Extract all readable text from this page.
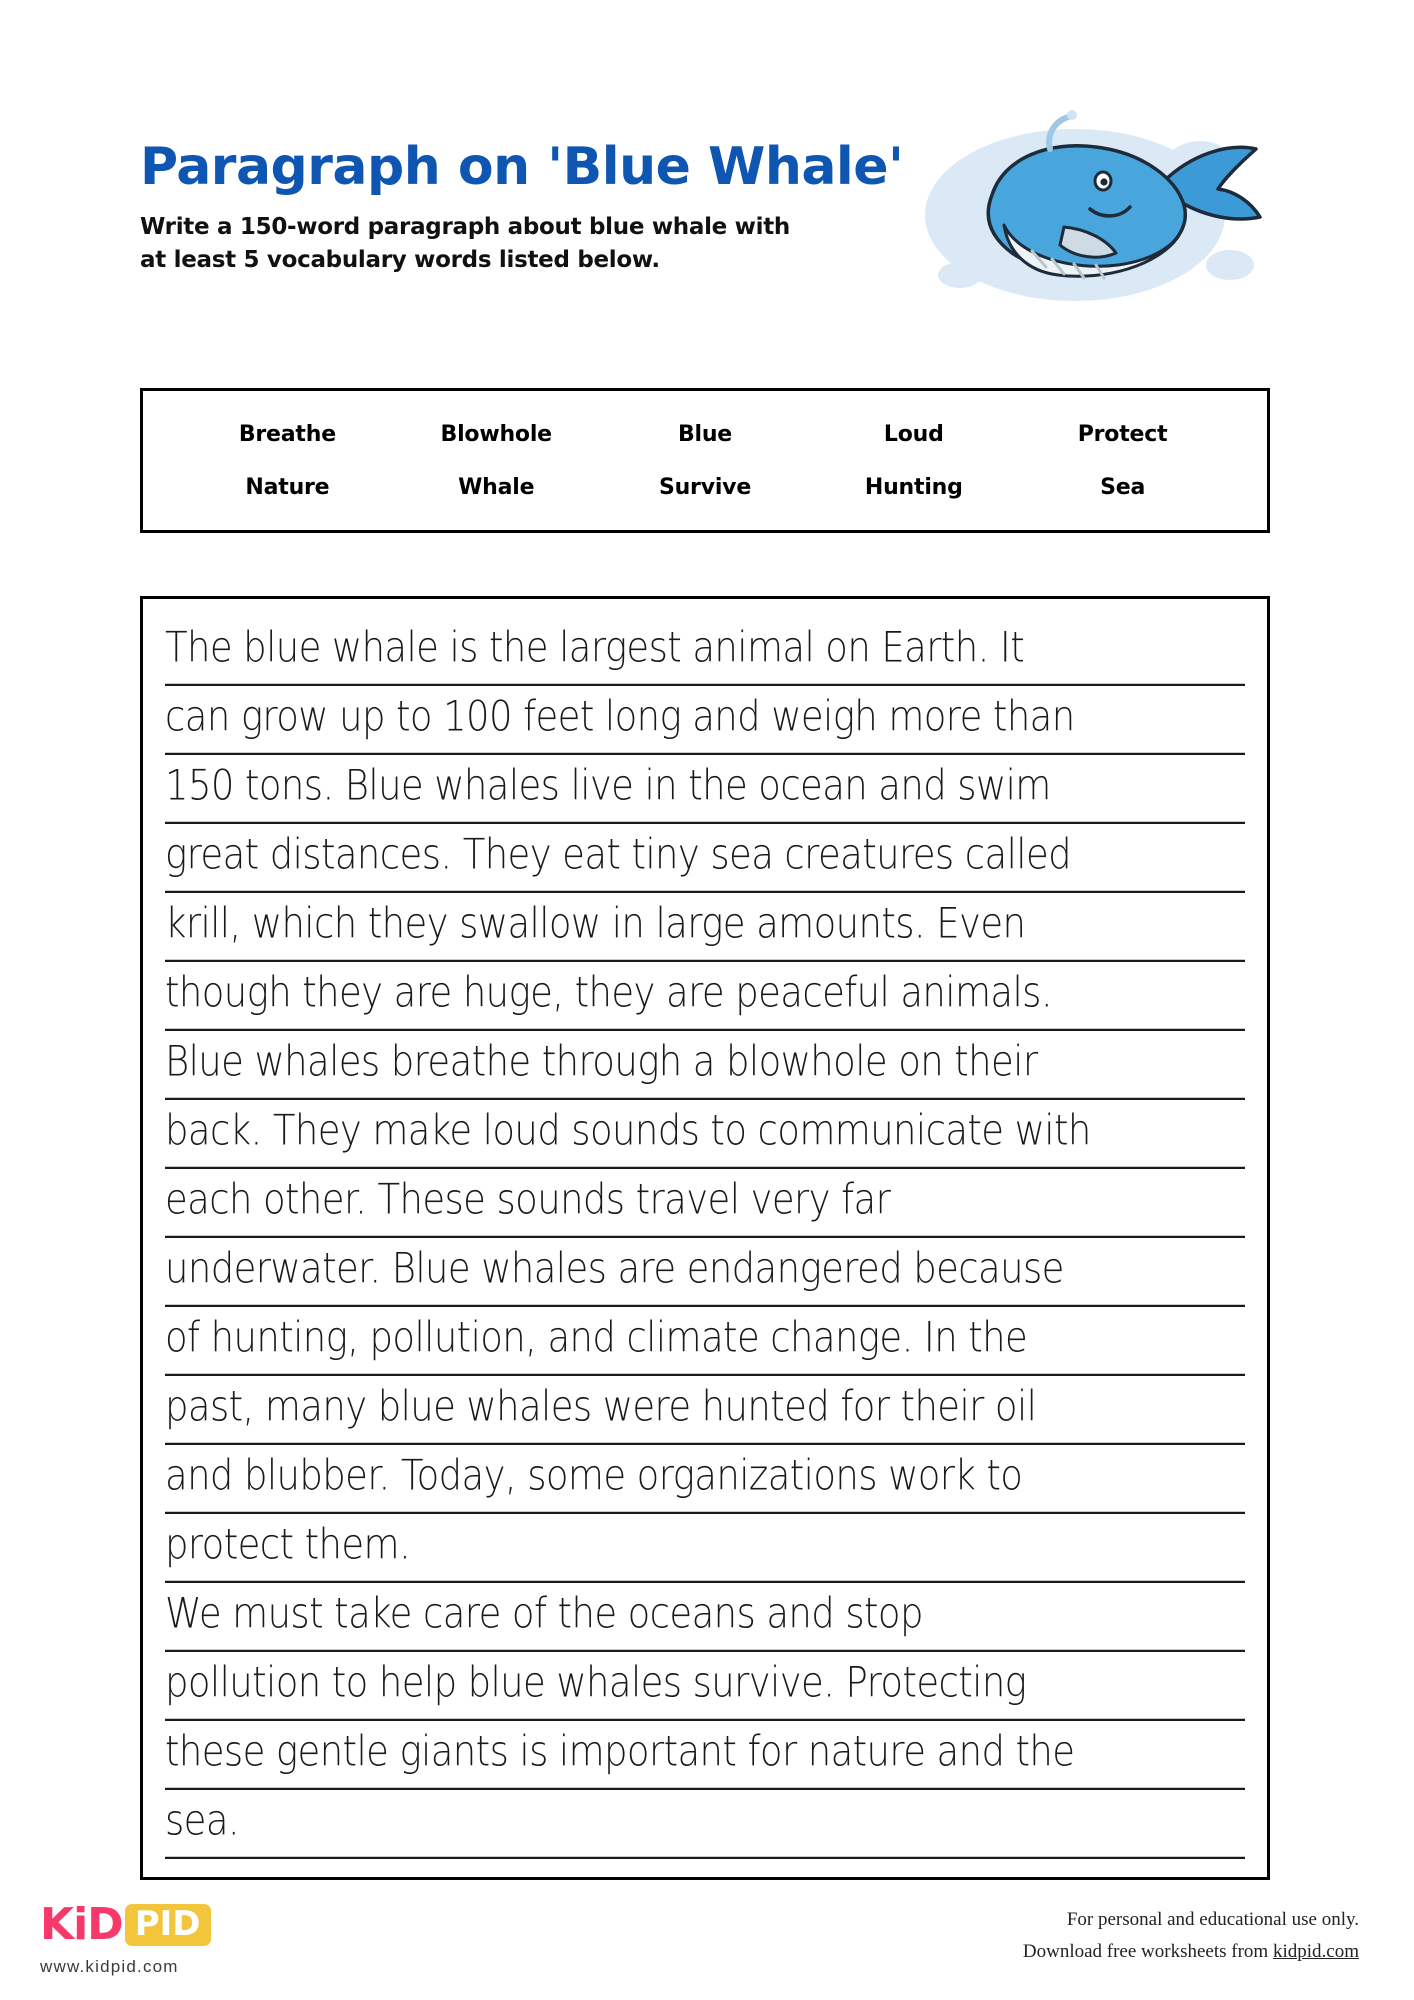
Paragraph on 'Blue Whale'
Write a 150-word paragraph about blue whale with
at least 5 vocabulary words listed below.
Breathe	Blowhole	Blue	Loud	Protect
Nature	Whale	Survive	Hunting	Sea
The blue whale is the largest animal on Earth. It
can grow up to 100 feet long and weigh more than
150 tons. Blue whales live in the ocean and swim
great distances. They eat tiny sea creatures called
krill, which they swallow in large amounts. Even
though they are huge, they are peaceful animals.
Blue whales breathe through a blowhole on their
back. They make loud sounds to communicate with
each other. These sounds travel very far
underwater. Blue whales are endangered because
of hunting, pollution, and climate change. In the
past, many blue whales were hunted for their oil
and blubber. Today, some organizations work to
protect them.
We must take care of the oceans and stop
pollution to help blue whales survive. Protecting
these gentle giants is important for nature and the
sea.
KiD PID
www.kidpid.com
For personal and educational use only.
Download free worksheets from kidpid.com
